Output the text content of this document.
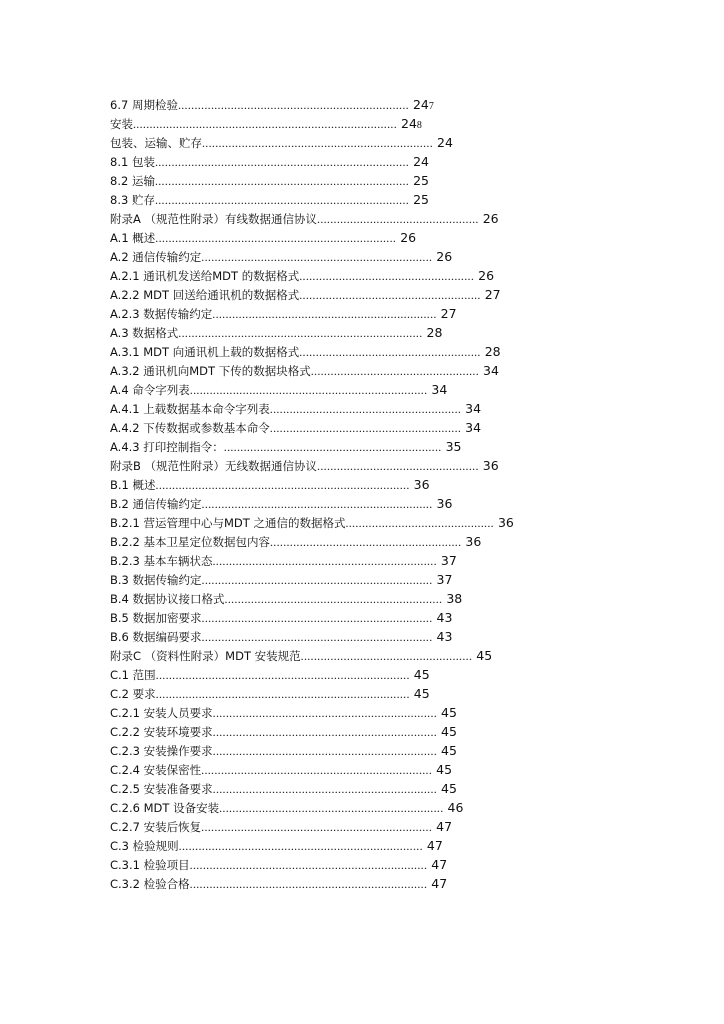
6.7 周期检验...................................................................... 247
安装................................................................................ 248
包装、运输、贮存...................................................................... 24
8.1 包装............................................................................. 24
8.2 运输............................................................................. 25
8.3 贮存............................................................................. 25
附录A （规范性附录）有线数据通信协议................................................. 26
A.1 概述......................................................................... 26
A.2 通信传输约定...................................................................... 26
A.2.1 通讯机发送给MDT 的数据格式..................................................... 26
A.2.2 MDT 回送给通讯机的数据格式....................................................... 27
A.2.3 数据传输约定.................................................................... 27
A.3 数据格式.......................................................................... 28
A.3.1 MDT 向通讯机上载的数据格式....................................................... 28
A.3.2 通讯机向MDT 下传的数据块格式................................................... 34
A.4 命令字列表........................................................................ 34
A.4.1 上载数据基本命令字列表.......................................................... 34
A.4.2 下传数据或参数基本命令.......................................................... 34
A.4.3 打印控制指令：.................................................................. 35
附录B （规范性附录）无线数据通信协议................................................. 36
B.1 概述............................................................................. 36
B.2 通信传输约定...................................................................... 36
B.2.1 营运管理中心与MDT 之通信的数据格式............................................. 36
B.2.2 基本卫星定位数据包内容.......................................................... 36
B.2.3 基本车辆状态.................................................................... 37
B.3 数据传输约定...................................................................... 37
B.4 数据协议接口格式.................................................................. 38
B.5 数据加密要求...................................................................... 43
B.6 数据编码要求...................................................................... 43
附录C （资料性附录）MDT 安装规范.................................................... 45
C.1 范围............................................................................. 45
C.2 要求............................................................................. 45
C.2.1 安装人员要求.................................................................... 45
C.2.2 安装环境要求.................................................................... 45
C.2.3 安装操作要求.................................................................... 45
C.2.4 安装保密性...................................................................... 45
C.2.5 安装准备要求.................................................................... 45
C.2.6 MDT 设备安装.................................................................... 46
C.2.7 安装后恢复...................................................................... 47
C.3 检验规则.......................................................................... 47
C.3.1 检验项目........................................................................ 47
C.3.2 检验合格........................................................................ 47
